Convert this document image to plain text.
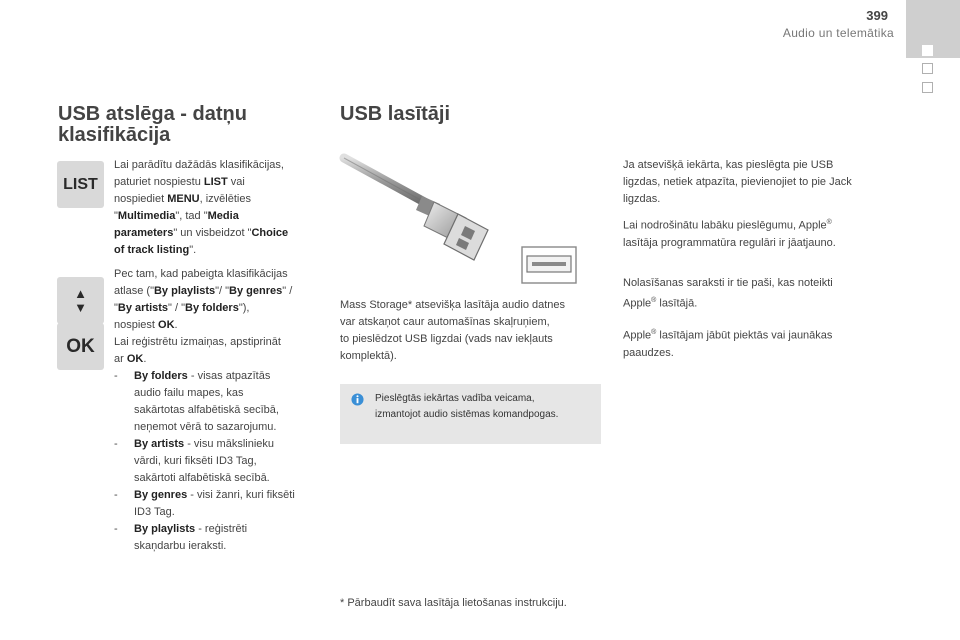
399
Audio un telemātika
USB atslēga - datņu
klasifikācija
LIST
▲
▼
OK

Lai parādītu dažādās klasifikācijas,

paturiet nospiestu LIST vai

nospiediet MENU, izvēlēties

"Multimedia", tad "Media

parameters" un visbeidzot "Choice

of track listing".

Pec tam, kad pabeigta klasifikācijas

atlase ("By playlists"/ "By genres" /

"By artists" / "By folders"),

nospiest OK.

Lai reģistrētu izmaiņas, apstiprināt

ar OK.

- By folders - visas atpazītās

audio failu mapes, kas

sakārtotas alfabētiskā secībā,

neņemot vērā to sazarojumu.

- By artists - visu mākslinieku

vārdi, kuri fiksēti ID3 Tag,

sakārtoti alfabētiskā secībā.

- By genres - visi žanri, kuri fiksēti

ID3 Tag.

- By playlists - reģistrēti

skaņdarbu ieraksti.

USB lasītāji

Mass Storage* atsevišķa lasītāja audio datnes

var atskaņot caur automašīnas skaļruņiem,

to pieslēdzot USB ligzdai (vads nav iekļauts

komplektā).

Pieslēgtās iekārtas vadība veicama,
izmantojot audio sistēmas komandpogas.
* Pārbaudīt sava lasītāja lietošanas instrukciju.

Ja atsevišķā iekārta, kas pieslēgta pie USB

ligzdas, netiek atpazīta, pievienojiet to pie Jack

ligzdas.

Lai nodrošinātu labāku pieslēgumu, Apple®

lasītāja programmatūra regulāri ir jāatjauno.

Nolasīšanas saraksti ir tie paši, kas noteikti

Apple® lasītājā.

Apple® lasītājam jābūt piektās vai jaunākas

paaudzes.
